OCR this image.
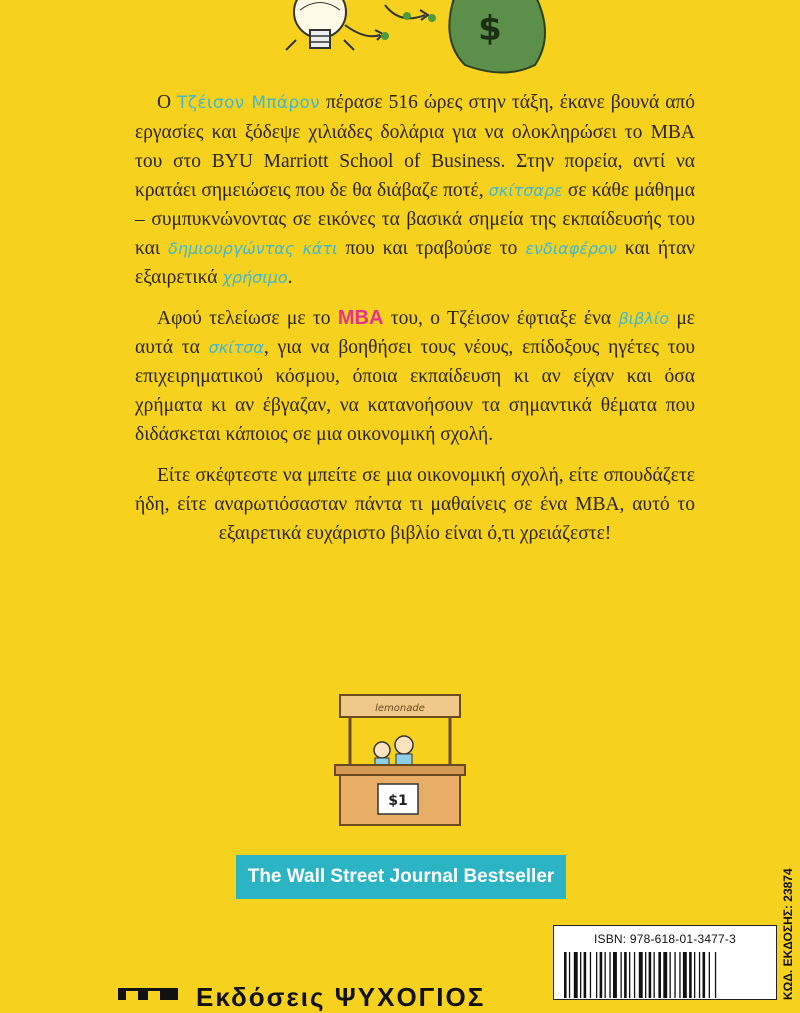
$

Ο Τζέισον Μπάρον πέρασε 516 ώρες στην τάξη, έκανε βουνά από εργασίες και ξόδεψε χιλιάδες δολάρια για να ολοκληρώσει το MBA του στο BYU Marriott School of Business. Στην πορεία, αντί να κρατάει σημειώσεις που δε θα διάβαζε ποτέ, σκίτσαρε σε κάθε μάθημα – συμπυκνώνοντας σε εικόνες τα βασικά σημεία της εκπαίδευσής του και δημιουργώντας κάτι που και τραβούσε το ενδιαφέρον και ήταν εξαιρετικά χρήσιμο.

Αφού τελείωσε με το MBA του, ο Τζέισον έφτιαξε ένα βιβλίο με αυτά τα σκίτσα, για να βοηθήσει τους νέους, επίδοξους ηγέτες του επιχειρηματικού κόσμου, όποια εκπαίδευση κι αν είχαν και όσα χρήματα κι αν έβγαζαν, να κατανοήσουν τα σημαντικά θέματα που διδάσκεται κάποιος σε μια οικονομική σχολή.

Είτε σκέφτεστε να μπείτε σε μια οικονομική σχολή, είτε σπουδάζετε ήδη, είτε αναρωτιόσασταν πάντα τι μαθαίνεις σε ένα MBA, αυτό το εξαιρετικά ευχάριστο βιβλίο είναι ό,τι χρειάζεστε!

lemonade
$1
The Wall Street Journal Bestseller
ISBN: 978-618-01-3477-3	ΚΩΔ. ΕΚΔΟΣΗΣ: 23874
Εκδόσεις ΨΥΧΟΓΙΟΣ
